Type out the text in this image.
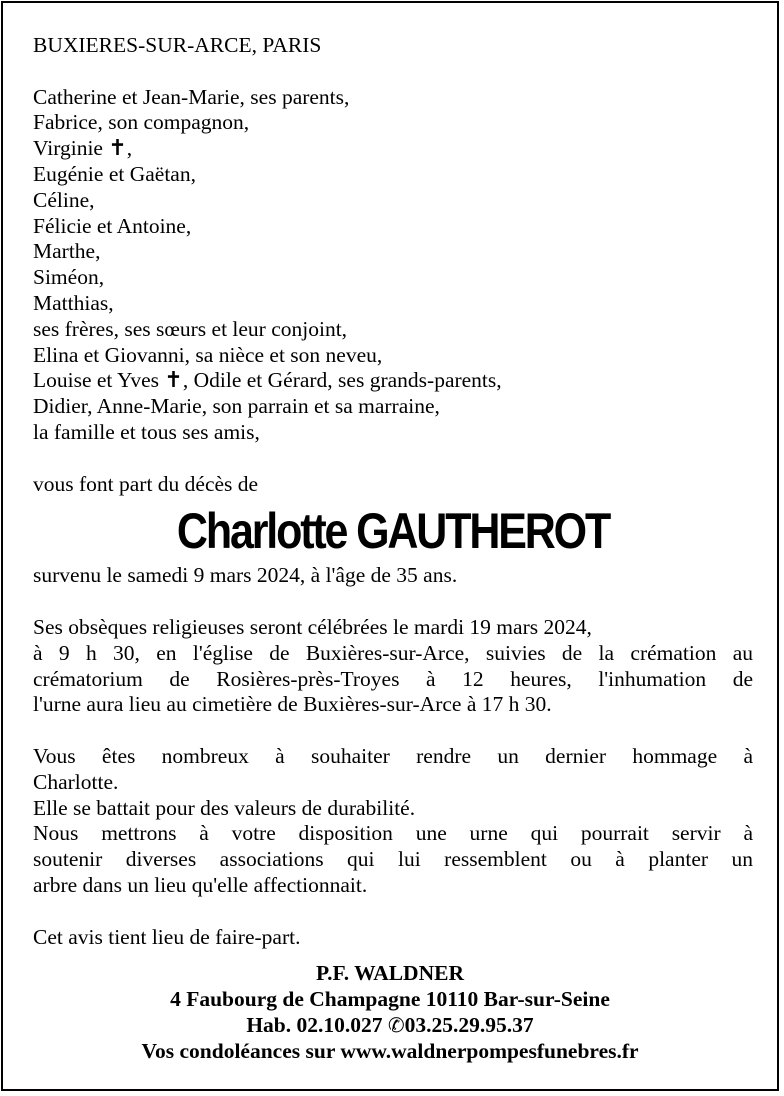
BUXIERES-SUR-ARCE, PARIS
Catherine et Jean-Marie, ses parents,
Fabrice, son compagnon,
Virginie ✝,
Eugénie et Gaëtan,
Céline,
Félicie et Antoine,
Marthe,
Siméon,
Matthias,
ses frères, ses sœurs et leur conjoint,
Elina et Giovanni, sa nièce et son neveu,
Louise et Yves ✝, Odile et Gérard, ses grands-parents,
Didier, Anne-Marie, son parrain et sa marraine,
la famille et tous ses amis,
vous font part du décès de
Charlotte GAUTHEROT
survenu le samedi 9 mars 2024, à l'âge de 35 ans.
Ses obsèques religieuses seront célébrées le mardi 19 mars 2024,
à 9 h 30, en l'église de Buxières-sur-Arce, suivies de la crémation au
crématorium de Rosières-près-Troyes à 12 heures, l'inhumation de
l'urne aura lieu au cimetière de Buxières-sur-Arce à 17 h 30.
Vous êtes nombreux à souhaiter rendre un dernier hommage à
Charlotte.
Elle se battait pour des valeurs de durabilité.
Nous mettrons à votre disposition une urne qui pourrait servir à
soutenir diverses associations qui lui ressemblent ou à planter un
arbre dans un lieu qu'elle affectionnait.
Cet avis tient lieu de faire-part.
P.F. WALDNER
4 Faubourg de Champagne 10110 Bar-sur-Seine
Hab. 02.10.027 ✆03.25.29.95.37
Vos condoléances sur www.waldnerpompesfunebres.fr
